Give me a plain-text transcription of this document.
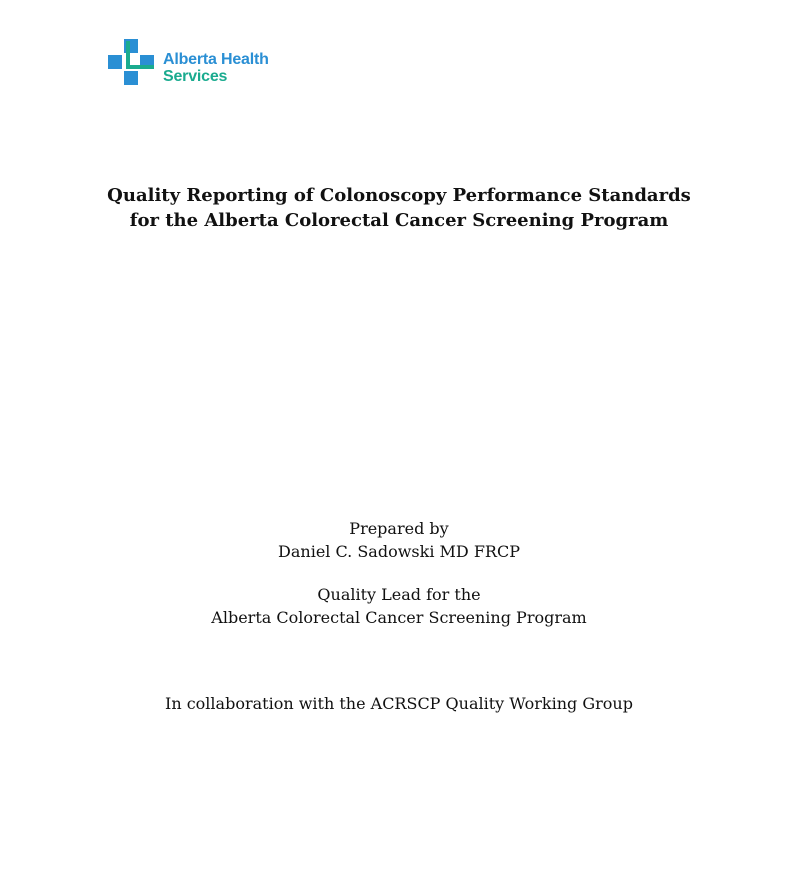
Alberta Health
Services
Quality Reporting of Colonoscopy Performance Standards
for the Alberta Colorectal Cancer Screening Program

Prepared by
Daniel C. Sadowski MD FRCP

Quality Lead for the
Alberta Colorectal Cancer Screening Program

In collaboration with the ACRSCP Quality Working Group
